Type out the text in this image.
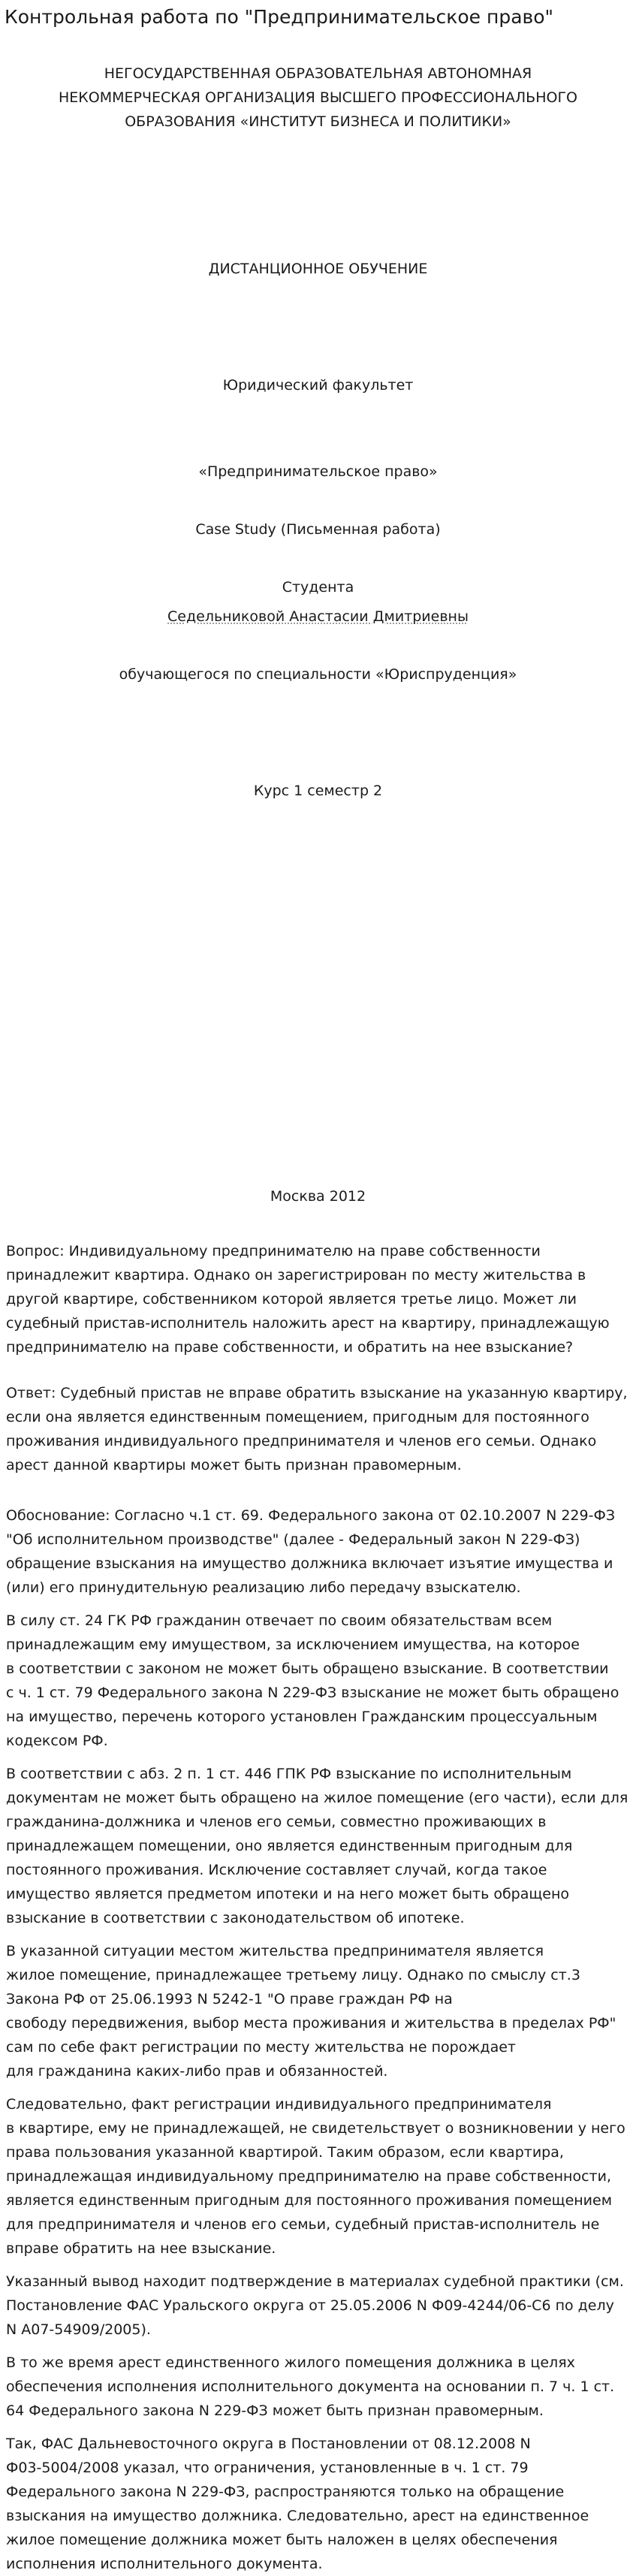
Контрольная работа по "Предпринимательское право"
НЕГОСУДАРСТВЕННАЯ ОБРАЗОВАТЕЛЬНАЯ АВТОНОМНАЯ
НЕКОММЕРЧЕСКАЯ ОРГАНИЗАЦИЯ ВЫСШЕГО ПРОФЕССИОНАЛЬНОГО
ОБРАЗОВАНИЯ «ИНСТИТУТ БИЗНЕСА И ПОЛИТИКИ»
ДИСТАНЦИОННОЕ ОБУЧЕНИЕ
Юридический факультет
«Предпринимательское право»
Case Study (Письменная работа)
Студента
Седельниковой Анастасии Дмитриевны
обучающегося по специальности «Юриспруденция»
Курс 1 семестр 2
Москва 2012

Вопрос: Индивидуальному предпринимателю на праве собственности
принадлежит квартира. Однако он зарегистрирован по месту жительства в
другой квартире, собственником которой является третье лицо. Может ли
судебный пристав-исполнитель наложить арест на квартиру, принадлежащую
предпринимателю на праве собственности, и обратить на нее взыскание?

Ответ: Судебный пристав не вправе обратить взыскание на указанную квартиру,
если она является единственным помещением, пригодным для постоянного
проживания индивидуального предпринимателя и членов его семьи. Однако
арест данной квартиры может быть признан правомерным.

Обоснование: Согласно ч.1 ст. 69. Федерального закона от 02.10.2007 N 229-ФЗ
"Об исполнительном производстве" (далее - Федеральный закон N 229-ФЗ)
обращение взыскания на имущество должника включает изъятие имущества и
(или) его принудительную реализацию либо передачу взыскателю.

В силу ст. 24 ГК РФ гражданин отвечает по своим обязательствам всем
принадлежащим ему имуществом, за исключением имущества, на которое
в соответствии с законом не может быть обращено взыскание. В соответствии
с ч. 1 ст. 79 Федерального закона N 229-ФЗ взыскание не может быть обращено
на имущество, перечень которого установлен Гражданским процессуальным
кодексом РФ.

В соответствии с абз. 2 п. 1 ст. 446 ГПК РФ взыскание по исполнительным
документам не может быть обращено на жилое помещение (его части), если для
гражданина-должника и членов его семьи, совместно проживающих в
принадлежащем помещении, оно является единственным пригодным для
постоянного проживания. Исключение составляет случай, когда такое
имущество является предметом ипотеки и на него может быть обращено
взыскание в соответствии с законодательством об ипотеке.

В указанной ситуации местом жительства предпринимателя является
жилое помещение, принадлежащее третьему лицу. Однако по смыслу ст.3
Закона РФ от 25.06.1993 N 5242-1 "О праве граждан РФ на
свободу передвижения, выбор места проживания и жительства в пределах РФ"
сам по себе факт регистрации по месту жительства не порождает
для гражданина каких-либо прав и обязанностей.

Следовательно, факт регистрации индивидуального предпринимателя
в квартире, ему не принадлежащей, не свидетельствует о возникновении у него
права пользования указанной квартирой. Таким образом, если квартира,
принадлежащая индивидуальному предпринимателю на праве собственности,
является единственным пригодным для постоянного проживания помещением
для предпринимателя и членов его семьи, судебный пристав-исполнитель не
вправе обратить на нее взыскание.

Указанный вывод находит подтверждение в материалах судебной практики (см.
Постановление ФАС Уральского округа от 25.05.2006 N Ф09-4244/06-С6 по делу
N А07-54909/2005).

В то же время арест единственного жилого помещения должника в целях
обеспечения исполнения исполнительного документа на основании п. 7 ч. 1 ст.
64 Федерального закона N 229-ФЗ может быть признан правомерным.

Так, ФАС Дальневосточного округа в Постановлении от 08.12.2008 N
Ф03-5004/2008 указал, что ограничения, установленные в ч. 1 ст. 79
Федерального закона N 229-ФЗ, распространяются только на обращение
взыскания на имущество должника. Следовательно, арест на единственное
жилое помещение должника может быть наложен в целях обеспечения
исполнения исполнительного документа.
